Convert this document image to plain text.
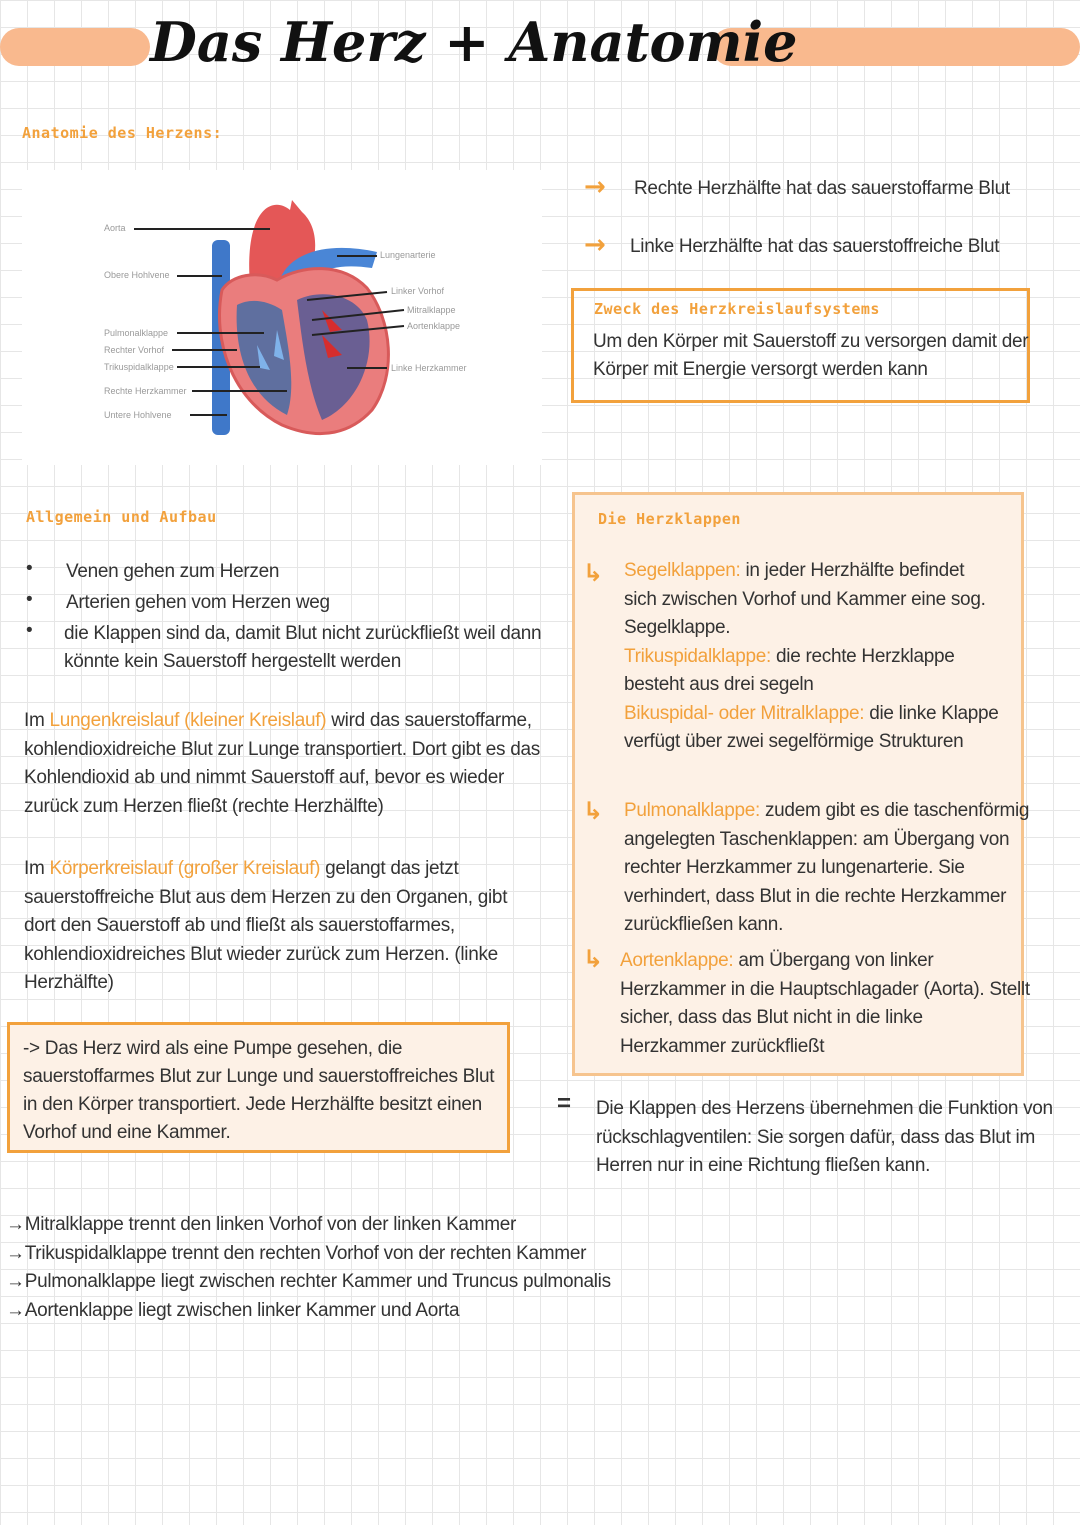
Das Herz + Anatomie
Anatomie des Herzens:
Aorta
Obere Hohlvene
Pulmonalklappe
Rechter Vorhof
Trikuspidalklappe
Rechte Herzkammer
Untere Hohlvene
Lungenarterie
Linker Vorhof
Mitralklappe
Aortenklappe
Linke Herzkammer
→ Rechte Herzhälfte hat das sauerstoffarme Blut
→ Linke Herzhälfte hat das sauerstoffreiche Blut
Zweck des Herzkreislaufsystems
Um den Körper mit Sauerstoff zu versorgen damit der
Körper mit Energie versorgt werden kann
Allgemein und Aufbau
• Venen gehen zum Herzen
• Arterien gehen vom Herzen weg
• die Klappen sind da, damit Blut nicht zurückfließt weil dann
könnte kein Sauerstoff hergestellt werden
Im Lungenkreislauf (kleiner Kreislauf) wird das sauerstoffarme,
kohlendioxidreiche Blut zur Lunge transportiert. Dort gibt es das
Kohlendioxid ab und nimmt Sauerstoff auf, bevor es wieder
zurück zum Herzen fließt (rechte Herzhälfte)
Im Körperkreislauf (großer Kreislauf) gelangt das jetzt
sauerstoffreiche Blut aus dem Herzen zu den Organen, gibt
dort den Sauerstoff ab und fließt als sauerstoffarmes,
kohlendioxidreiches Blut wieder zurück zum Herzen. (linke
Herzhälfte)
-> Das Herz wird als eine Pumpe gesehen, die
sauerstoffarmes Blut zur Lunge und sauerstoffreiches Blut
in den Körper transportiert. Jede Herzhälfte besitzt einen
Vorhof und eine Kammer.
Die Herzklappen
↳ Segelklappen: in jeder Herzhälfte befindet
sich zwischen Vorhof und Kammer eine sog.
Segelklappe.
Trikuspidalklappe: die rechte Herzklappe
besteht aus drei segeln
Bikuspidal- oder Mitralklappe: die linke Klappe
verfügt über zwei segelförmige Strukturen
↳ Pulmonalklappe: zudem gibt es die taschenförmig
angelegten Taschenklappen: am Übergang von
rechter Herzkammer zu lungenarterie. Sie
verhindert, dass Blut in die rechte Herzkammer
zurückfließen kann.
↳ Aortenklappe: am Übergang von linker
Herzkammer in die Hauptschlagader (Aorta). Stellt
sicher, dass das Blut nicht in die linke
Herzkammer zurückfließt
= Die Klappen des Herzens übernehmen die Funktion von
rückschlagventilen: Sie sorgen dafür, dass das Blut im
Herren nur in eine Richtung fließen kann.
→Mitralklappe trennt den linken Vorhof von der linken Kammer
→Trikuspidalklappe trennt den rechten Vorhof von der rechten Kammer
→Pulmonalklappe liegt zwischen rechter Kammer und Truncus pulmonalis
→Aortenklappe liegt zwischen linker Kammer und Aorta
